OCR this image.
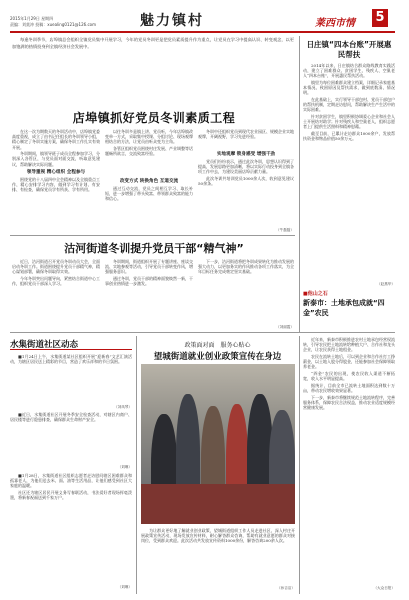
2015年1月29日 星期四
责编：刘莫冲 投稿：xuealing0121@126.com	魅力镇村	莱西市情 5
每逢冬训季节，店埠镇总会组织全镇党员集中开展学习，今年的党员冬训更是把党员素质提升作为重点，让党员在学习中提高认识、转变观念，以更加饱满的热情投身到全镇经济社会发展中。
店埠镇抓好党员冬训素质工程

在这一次为期数天的冬训活动中，店埠镇党委高度重视，成立了由书记任组长的冬训领导小组，精心制定了冬训实施方案，确保冬训工作扎实有效开展。

冬训期间，镇领导班子成员全程参加学习，分别深入各管区，与党员面对面交流，听取意见建议，帮助解决实际问题。

领导重视 精心组织 全程参与

围绕党的十八届四中全会精神以及全镇重点工作，精心安排学习内容，做到学习有计划、有安排、有检查，确保党员学有所获、学有所用。

以往冬训多是镇上讲、党员听，今年店埠镇改变单一方式，采取集中授课、分组讨论、现场观摩相结合的方法，让党员由听众变为主角。

各管区组织党员围绕村庄发展、产业调整等话题畅所欲言，交流致富经验。

改变方式 转换角色 互道交流

通过互动交流，党员之间相互学习、取长补短，进一步增强了带头致富、带领群众致富的能力和信心。

冬训中还组织党员到现代农业园区、规模企业实地观摩，开阔视野，学习先进经验。

实地观摩 锁身感受 增强干劲

党员们纷纷表示，通过此次冬训，思想认识得到了提高，发展思路更加清晰，将以实际行动投身到全镇各项工作中去，为建设美丽店埠贡献力量。

此次冬训共培训党员1000余人次，收到意见建议50余条。

（牛磊磊）
沽河街道冬训提升党员干部“精气神”

近日，沽河街道召开党员冬训动员大会，全面启动冬训工作。街道围绕提升党员干部精气神，精心谋划部署，确保冬训取得实效。

今年冬训突出问题导向，紧密结合街道中心工作，组织党员干部深入学习。

冬训期间，街道组织开展了专题讲座、座谈交流、实地参观等活动，引导党员干部转变作风，增强服务意识。

通过冬训，党员干部的精神面貌焕然一新，干事创业热情进一步激发。

下一步，沽河街道将把冬训成果转化为推动发展的强大动力，以更加务实的作风推动各项工作落实，为全年目标任务完成奠定坚实基础。

（刘丽霞）
日庄镇“四本台账”开展惠民帮扶

2014年以来，日庄镇结合群众路线教育实践活动，建立了困难群众、贫困学生、残疾人、空巢老人“四本台账”，开展惠民帮扶活动。

镇里为每位困难群众建立档案，详细记录家庭基本情况、致困原因及帮扶需求，做到底数清、情况明。

在此基础上，实行领导干部包村、党员干部包户的帮扶机制，定期走访慰问，帮助解决生产生活中的实际困难。

针对贫困学生，镇里积极协调爱心企业和社会人士开展结对助学；针对残疾人和空巢老人，组织志愿者上门提供生活照料和精神慰藉。

截至目前，已累计走访群众1000余户，发放帮扶资金和物品价值50余万元。

（赵燕华）
■他山之石
新泰市：土地承包成就“四金”农民

近年来，新泰市积极推进农村土地承包经营权流转，引导农民把土地流转给种植大户、合作社和龙头企业，让农民获得土地租金。

农民在流转土地后，可以到企业和合作社打工挣薪金，以土地入股分得股金，还能参加社会保障领取养老金。

“四金”农民的出现，使农民收入渠道不断拓宽，收入水平明显提高。

据统计，目前全市已流转土地面积达到数十万亩，带动农民增收效果显著。

下一步，新泰市将继续规范土地流转程序，完善服务体系，保障农民合法权益，推动农业适度规模经营健康发展。

（大众日报）
水集街道社区动态

■1月24日上午，水集街道某社区组织开展“迎新春”文艺汇演活动，为辖区居民送上精彩的节目，营造了欢乐祥和的节日氛围。

（刘凤琴）

■近日，水集街道社区开展冬季安全检查活动，对辖区内商户、居民楼等进行隐患排查，确保群众生命财产安全。

（刘琳）

■1月28日，水集街道社区组织志愿者走访慰问辖区困难群众和孤寡老人，为他们送去米、面、油等生活用品，让他们感受到社区大家庭的温暖。

社区还为辖区居民开展义务写春联活动，书法爱好者现场挥毫泼墨，将新春祝福送到千家万户。

（刘琳）
政策面对面　服务心贴心
望城街道就业创业政策宣传在身边

为让群众更好地了解就业创业政策，望城街道组织工作人员走进社区、深入村庄开展政策宣传活动，现场发放宣传材料，耐心解答群众咨询，帮助有就业意愿的群众对接岗位，受到群众欢迎。此次活动共发放宣传资料1000余份，解答咨询200余人次。

（孙吉洁）
